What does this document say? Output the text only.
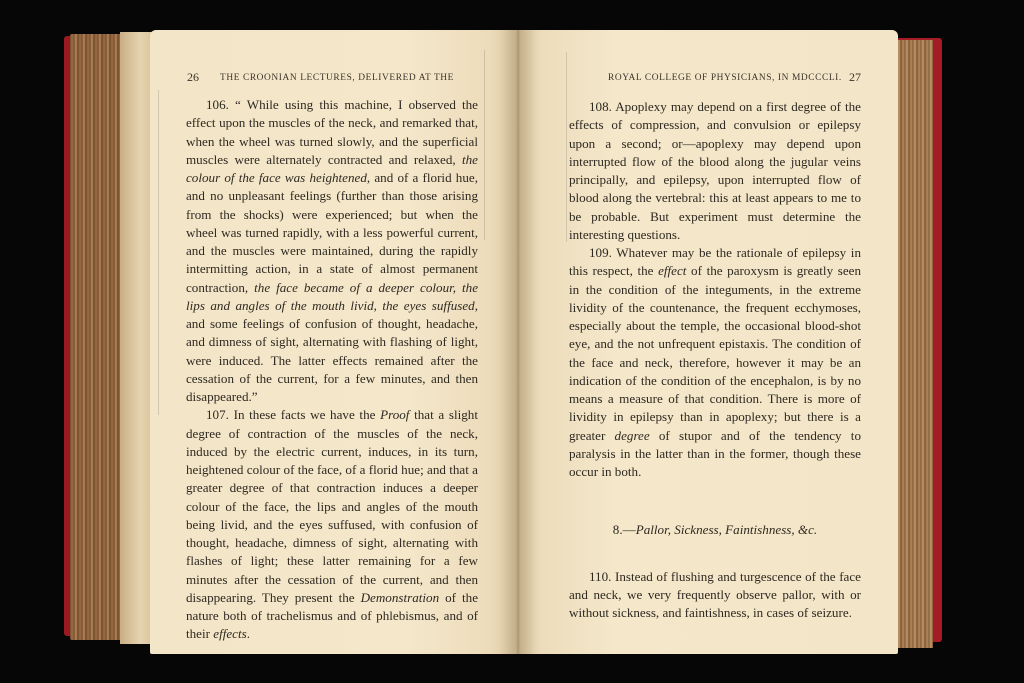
26 THE CROONIAN LECTURES, DELIVERED AT THE	ROYAL COLLEGE OF PHYSICIANS, IN MDCCCLI. 27

106. “ While using this machine, I observed the effect upon the muscles of the neck, and remarked that, when the wheel was turned slowly, and the superficial muscles were alternately contracted and relaxed, the colour of the face was heightened, and of a florid hue, and no unpleasant feelings (further than those arising from the shocks) were experienced; but when the wheel was turned rapidly, with a less powerful current, and the muscles were maintained, during the rapidly intermitting action, in a state of almost permanent contraction, the face became of a deeper colour, the lips and angles of the mouth livid, the eyes suffused, and some feelings of confusion of thought, headache, and dimness of sight, alternating with flashing of light, were induced. The latter effects remained after the cessation of the current, for a few minutes, and then disappeared.”

107. In these facts we have the Proof that a slight degree of contraction of the muscles of the neck, induced by the electric current, induces, in its turn, heightened colour of the face, of a florid hue; and that a greater degree of that contraction induces a deeper colour of the face, the lips and angles of the mouth being livid, and the eyes suffused, with confusion of thought, headache, dimness of sight, alternating with flashes of light; these latter remaining for a few minutes after the cessation of the current, and then disappearing. They present the Demonstration of the nature both of trachelismus and of phlebismus, and of their effects.

108. Apoplexy may depend on a first degree of the effects of compression, and convulsion or epilepsy upon a second; or—apoplexy may depend upon interrupted flow of the blood along the jugular veins principally, and epilepsy, upon interrupted flow of blood along the vertebral: this at least appears to me to be probable. But experiment must determine the interesting questions.

109. Whatever may be the rationale of epilepsy in this respect, the effect of the paroxysm is greatly seen in the condition of the integuments, in the extreme lividity of the countenance, the frequent ecchymoses, especially about the temple, the occasional blood-shot eye, and the not unfrequent epistaxis. The condition of the face and neck, therefore, however it may be an indication of the condition of the encephalon, is by no means a measure of that condition. There is more of lividity in epilepsy than in apoplexy; but there is a greater degree of stupor and of the tendency to paralysis in the latter than in the former, though these occur in both.

8.—Pallor, Sickness, Faintishness, &c.

110. Instead of flushing and turgescence of the face and neck, we very frequently observe pallor, with or without sickness, and faintishness, in cases of seizure.
